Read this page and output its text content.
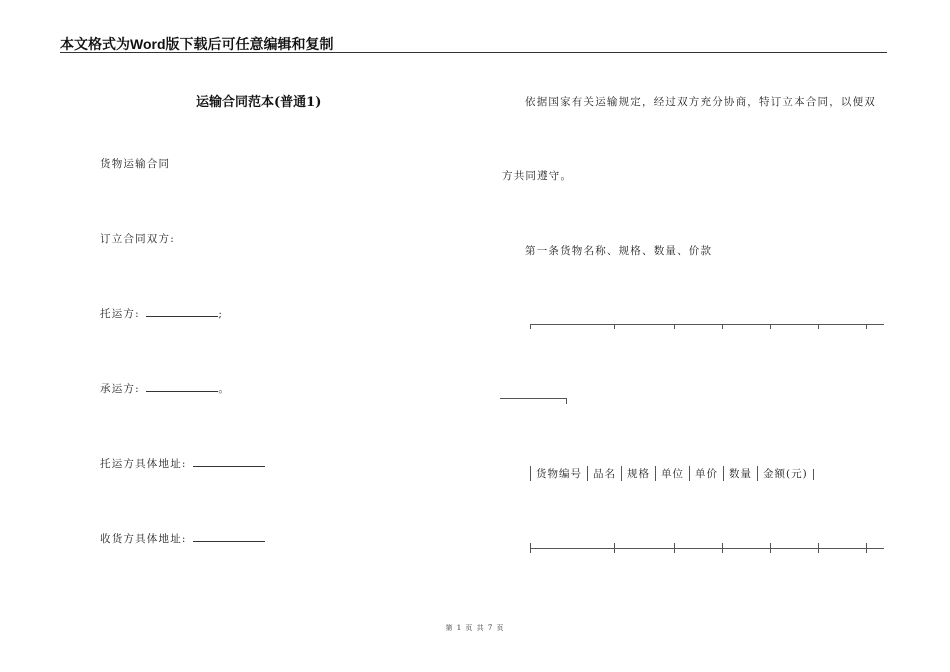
本文格式为Word版下载后可任意编辑和复制
运输合同范本(普通1)
货物运输合同
订立合同双方:
托运方:	;
承运方:	。
托运方具体地址:
收货方具体地址:
依据国家有关运输规定，经过双方充分协商，特订立本合同，以便双
方共同遵守。
第一条货物名称、规格、数量、价款
货物编号 品名 规格 单位 单价 数量 金额(元)
第 1 页 共 7 页
